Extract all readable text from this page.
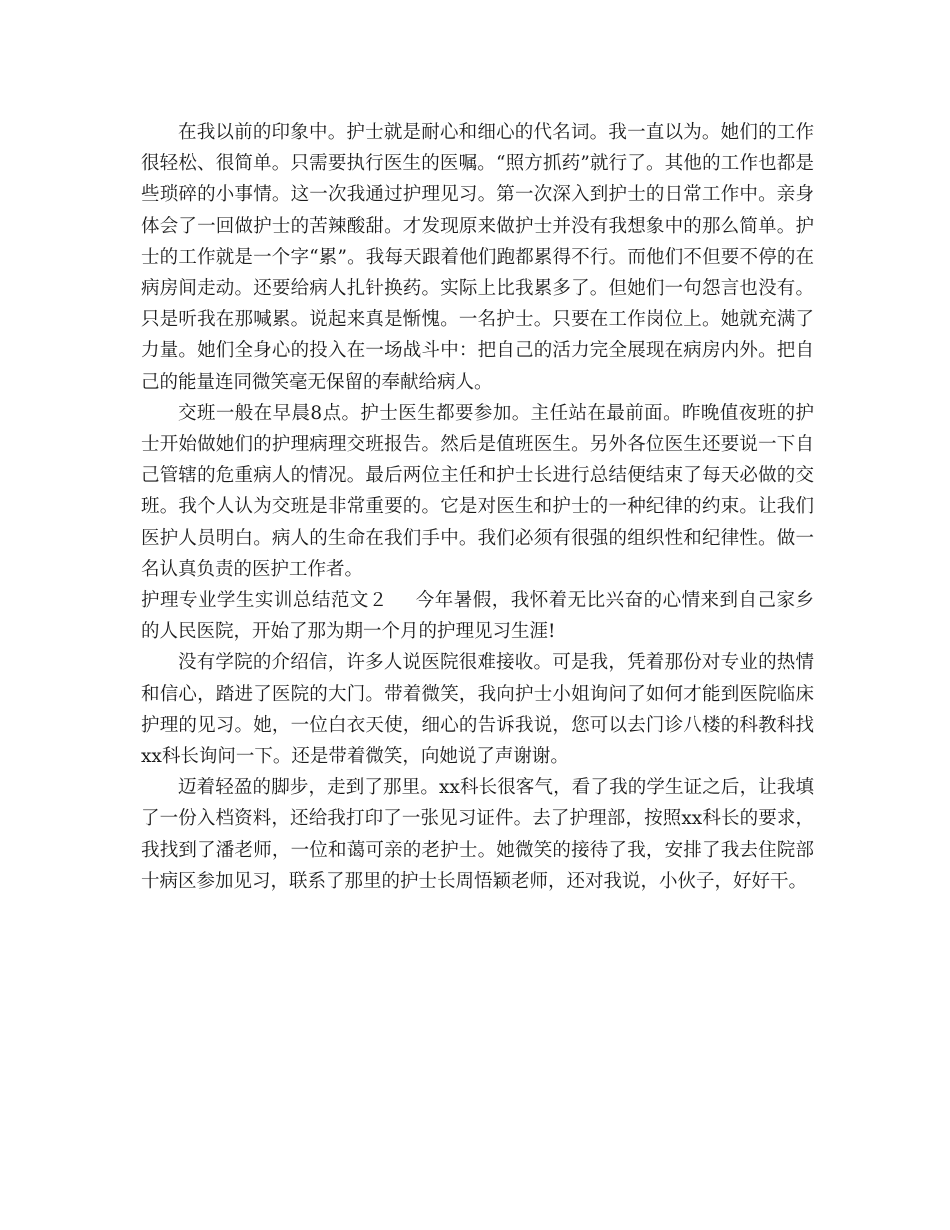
在我以前的印象中。护士就是耐心和细心的代名词。我一直以为。她们的工作很轻松、很简单。只需要执行医生的医嘱。“照方抓药”就行了。其他的工作也都是些琐碎的小事情。这一次我通过护理见习。第一次深入到护士的日常工作中。亲身体会了一回做护士的苦辣酸甜。才发现原来做护士并没有我想象中的那么简单。护士的工作就是一个字“累”。我每天跟着他们跑都累得不行。而他们不但要不停的在病房间走动。还要给病人扎针换药。实际上比我累多了。但她们一句怨言也没有。只是听我在那喊累。说起来真是惭愧。一名护士。只要在工作岗位上。她就充满了力量。她们全身心的投入在一场战斗中：把自己的活力完全展现在病房内外。把自己的能量连同微笑毫无保留的奉献给病人。

交班一般在早晨8点。护士医生都要参加。主任站在最前面。昨晚值夜班的护士开始做她们的护理病理交班报告。然后是值班医生。另外各位医生还要说一下自己管辖的危重病人的情况。最后两位主任和护士长进行总结便结束了每天必做的交班。我个人认为交班是非常重要的。它是对医生和护士的一种纪律的约束。让我们医护人员明白。病人的生命在我们手中。我们必须有很强的组织性和纪律性。做一名认真负责的医护工作者。

护理专业学生实训总结范文２ 今年暑假，我怀着无比兴奋的心情来到自己家乡的人民医院，开始了那为期一个月的护理见习生涯!

没有学院的介绍信，许多人说医院很难接收。可是我，凭着那份对专业的热情和信心，踏进了医院的大门。带着微笑，我向护士小姐询问了如何才能到医院临床护理的见习。她，一位白衣天使，细心的告诉我说，您可以去门诊八楼的科教科找xx科长询问一下。还是带着微笑，向她说了声谢谢。

迈着轻盈的脚步，走到了那里。xx科长很客气，看了我的学生证之后，让我填了一份入档资料，还给我打印了一张见习证件。去了护理部，按照xx科长的要求，我找到了潘老师，一位和蔼可亲的老护士。她微笑的接待了我，安排了我去住院部十病区参加见习，联系了那里的护士长周悟颖老师，还对我说，小伙子，好好干。
